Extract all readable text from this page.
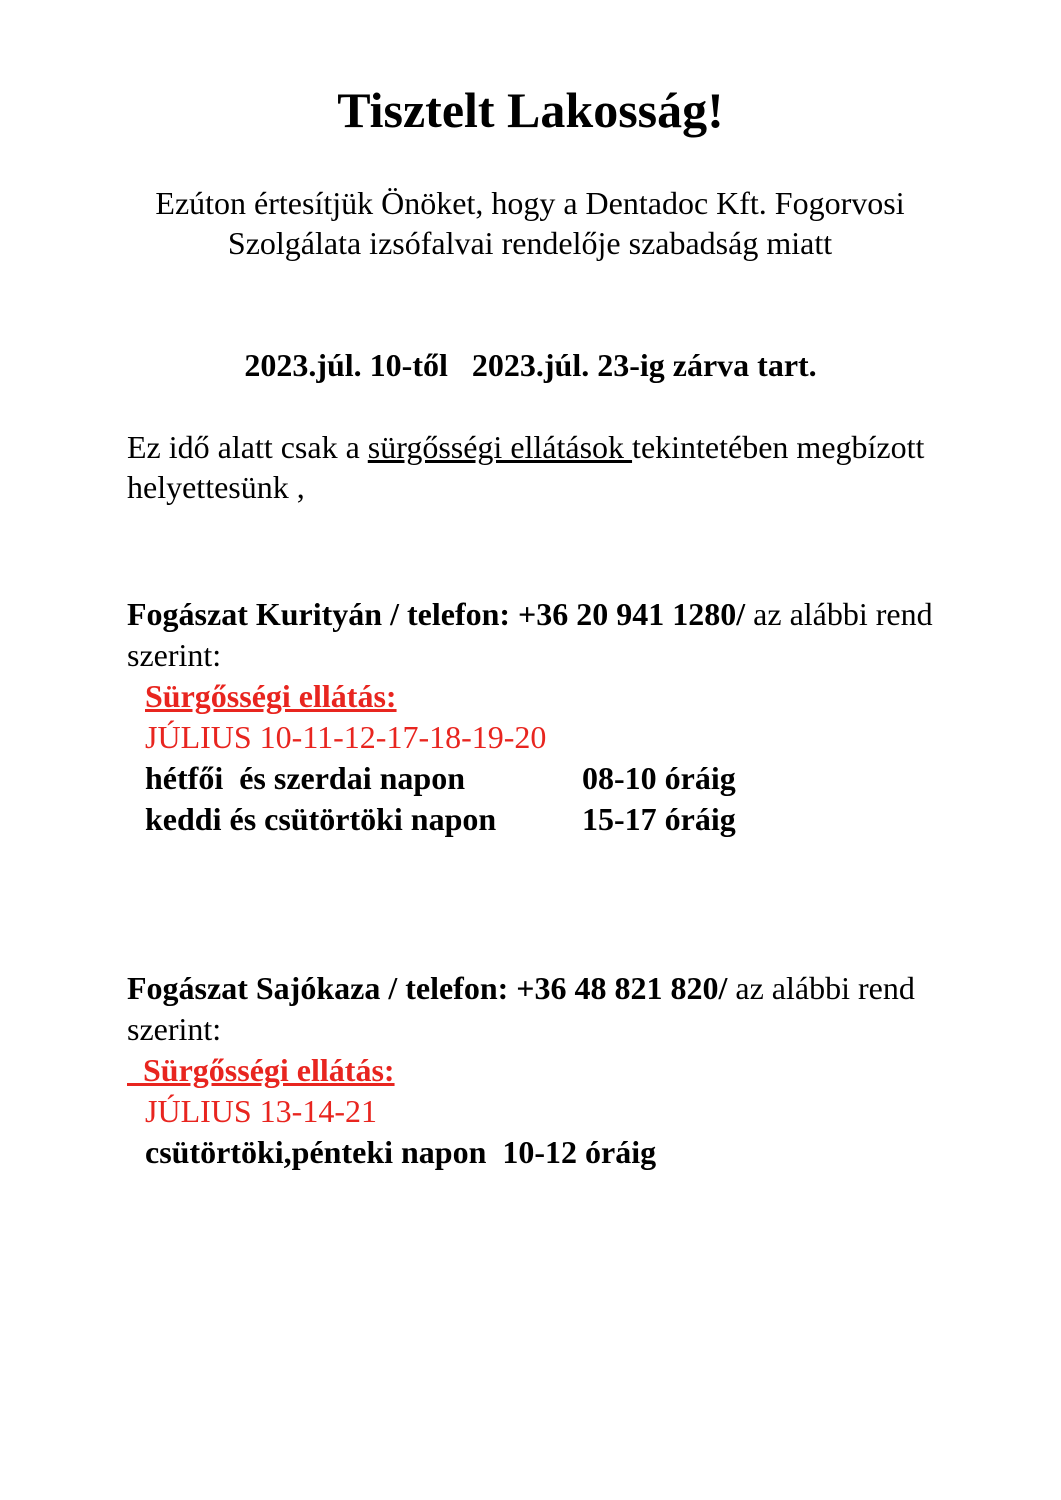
Tisztelt Lakosság!

Ezúton értesítjük Önöket, hogy a Dentadoc Kft. Fogorvosi Szolgálata izsófalvai rendelője szabadság miatt

2023.júl. 10-től   2023.júl. 23-ig zárva tart.

Ez idő alatt csak a sürgősségi ellátások tekintetében megbízott helyettesünk ,

Fogászat Kurityán / telefon: +36 20 941 1280/ az alábbi rend szerint:
Sürgősségi ellátás:
JÚLIUS 10-11-12-17-18-19-20
hétfői  és szerdai napon	08-10 óráig
keddi és csütörtöki napon	15-17 óráig
Fogászat Sajókaza / telefon: +36 48 821 820/ az alábbi rend szerint:
Sürgősségi ellátás:
JÚLIUS 13-14-21
csütörtöki,pénteki napon  10-12 óráig
